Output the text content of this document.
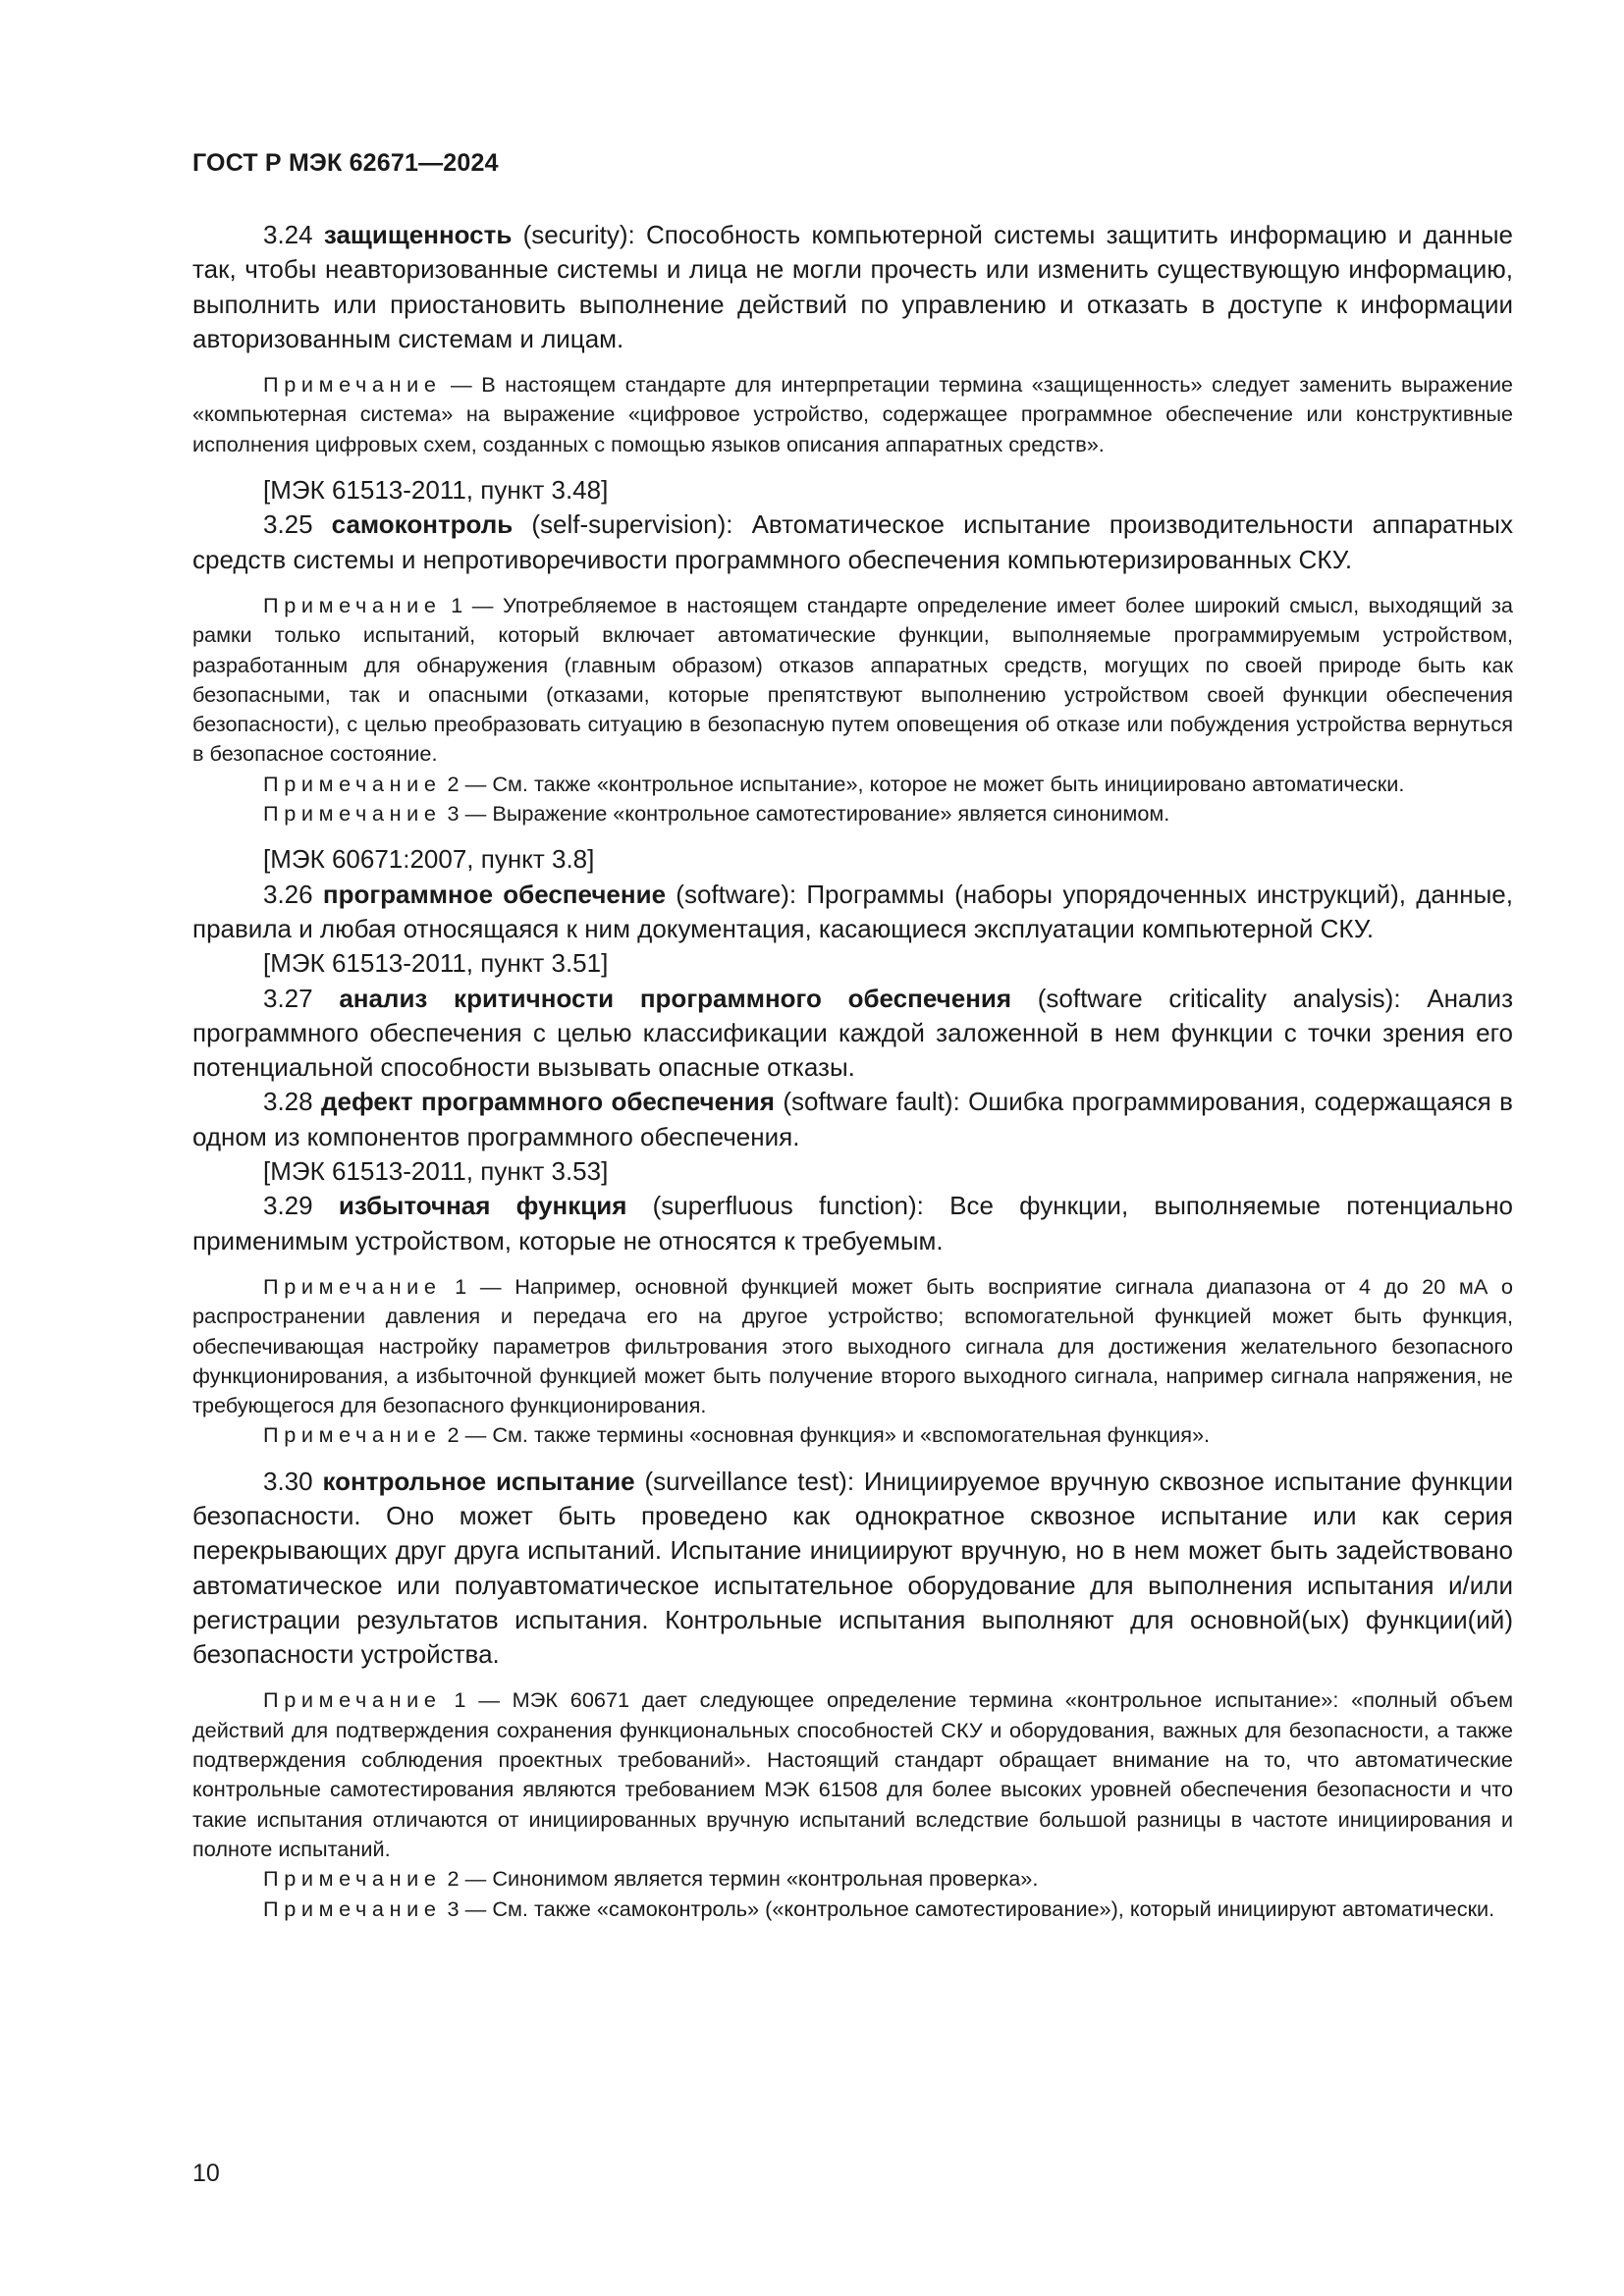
ГОСТ Р МЭК 62671—2024

3.24 защищенность (security): Способность компьютерной системы защитить информацию и данные так, чтобы неавторизованные системы и лица не могли прочесть или изменить существующую информацию, выполнить или приостановить выполнение действий по управлению и отказать в доступе к информации авторизованным системам и лицам.

Примечание — В настоящем стандарте для интерпретации термина «защищенность» следует заменить выражение «компьютерная система» на выражение «цифровое устройство, содержащее программное обеспечение или конструктивные исполнения цифровых схем, созданных с помощью языков описания аппаратных средств».

[МЭК 61513-2011, пункт 3.48]

3.25 самоконтроль (self-supervision): Автоматическое испытание производительности аппаратных средств системы и непротиворечивости программного обеспечения компьютеризированных СКУ.

Примечание 1 — Употребляемое в настоящем стандарте определение имеет более широкий смысл, выходящий за рамки только испытаний, который включает автоматические функции, выполняемые программируемым устройством, разработанным для обнаружения (главным образом) отказов аппаратных средств, могущих по своей природе быть как безопасными, так и опасными (отказами, которые препятствуют выполнению устройством своей функции обеспечения безопасности), с целью преобразовать ситуацию в безопасную путем оповещения об отказе или побуждения устройства вернуться в безопасное состояние.

Примечание 2 — См. также «контрольное испытание», которое не может быть инициировано автоматически.

Примечание 3 — Выражение «контрольное самотестирование» является синонимом.

[МЭК 60671:2007, пункт 3.8]

3.26 программное обеспечение (software): Программы (наборы упорядоченных инструкций), данные, правила и любая относящаяся к ним документация, касающиеся эксплуатации компьютерной СКУ.

[МЭК 61513-2011, пункт 3.51]

3.27 анализ критичности программного обеспечения (software criticality analysis): Анализ программного обеспечения с целью классификации каждой заложенной в нем функции с точки зрения его потенциальной способности вызывать опасные отказы.

3.28 дефект программного обеспечения (software fault): Ошибка программирования, содержащаяся в одном из компонентов программного обеспечения.

[МЭК 61513-2011, пункт 3.53]

3.29 избыточная функция (superfluous function): Все функции, выполняемые потенциально применимым устройством, которые не относятся к требуемым.

Примечание 1 — Например, основной функцией может быть восприятие сигнала диапазона от 4 до 20 мА о распространении давления и передача его на другое устройство; вспомогательной функцией может быть функция, обеспечивающая настройку параметров фильтрования этого выходного сигнала для достижения желательного безопасного функционирования, а избыточной функцией может быть получение второго выходного сигнала, например сигнала напряжения, не требующегося для безопасного функционирования.

Примечание 2 — См. также термины «основная функция» и «вспомогательная функция».

3.30 контрольное испытание (surveillance test): Инициируемое вручную сквозное испытание функции безопасности. Оно может быть проведено как однократное сквозное испытание или как серия перекрывающих друг друга испытаний. Испытание инициируют вручную, но в нем может быть задействовано автоматическое или полуавтоматическое испытательное оборудование для выполнения испытания и/или регистрации результатов испытания. Контрольные испытания выполняют для основной(ых) функции(ий) безопасности устройства.

Примечание 1 — МЭК 60671 дает следующее определение термина «контрольное испытание»: «полный объем действий для подтверждения сохранения функциональных способностей СКУ и оборудования, важных для безопасности, а также подтверждения соблюдения проектных требований». Настоящий стандарт обращает внимание на то, что автоматические контрольные самотестирования являются требованием МЭК 61508 для более высоких уровней обеспечения безопасности и что такие испытания отличаются от инициированных вручную испытаний вследствие большой разницы в частоте инициирования и полноте испытаний.

Примечание 2 — Синонимом является термин «контрольная проверка».

Примечание 3 — См. также «самоконтроль» («контрольное самотестирование»), который инициируют автоматически.

10
